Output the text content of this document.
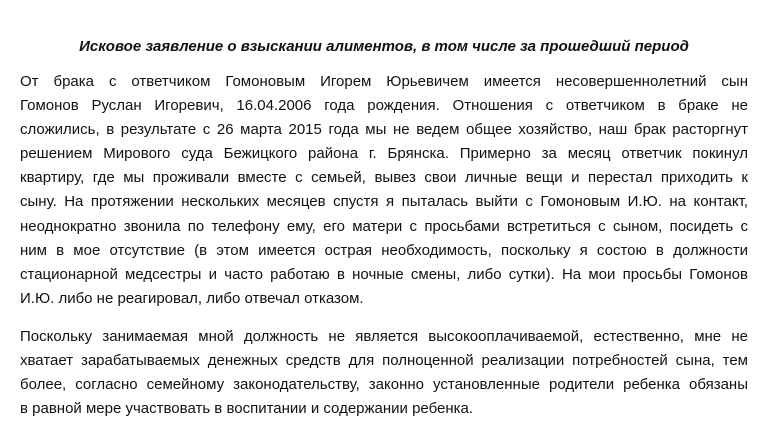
Исковое заявление о взыскании алиментов, в том числе за прошедший период
От брака с ответчиком Гомоновым Игорем Юрьевичем имеется несовершеннолетний сын
Гомонов Руслан Игоревич, 16.04.2006 года рождения. Отношения с ответчиком в браке не
сложились, в результате с 26 марта 2015 года мы не ведем общее хозяйство, наш брак расторгнут
решением Мирового суда Бежицкого района г. Брянска. Примерно за месяц ответчик покинул
квартиру, где мы проживали вместе с семьей, вывез свои личные вещи и перестал приходить к
сыну. На протяжении нескольких месяцев спустя я пыталась выйти с Гомоновым И.Ю. на контакт,
неоднократно звонила по телефону ему, его матери с просьбами встретиться с сыном, посидеть с
ним в мое отсутствие (в этом имеется острая необходимость, поскольку я состою в должности
стационарной медсестры и часто работаю в ночные смены, либо сутки). На мои просьбы Гомонов
И.Ю. либо не реагировал, либо отвечал отказом.
Поскольку занимаемая мной должность не является высокооплачиваемой, естественно, мне не
хватает зарабатываемых денежных средств для полноценной реализации потребностей сына, тем
более, согласно семейному законодательству, законно установленные родители ребенка обязаны
в равной мере участвовать в воспитании и содержании ребенка.
